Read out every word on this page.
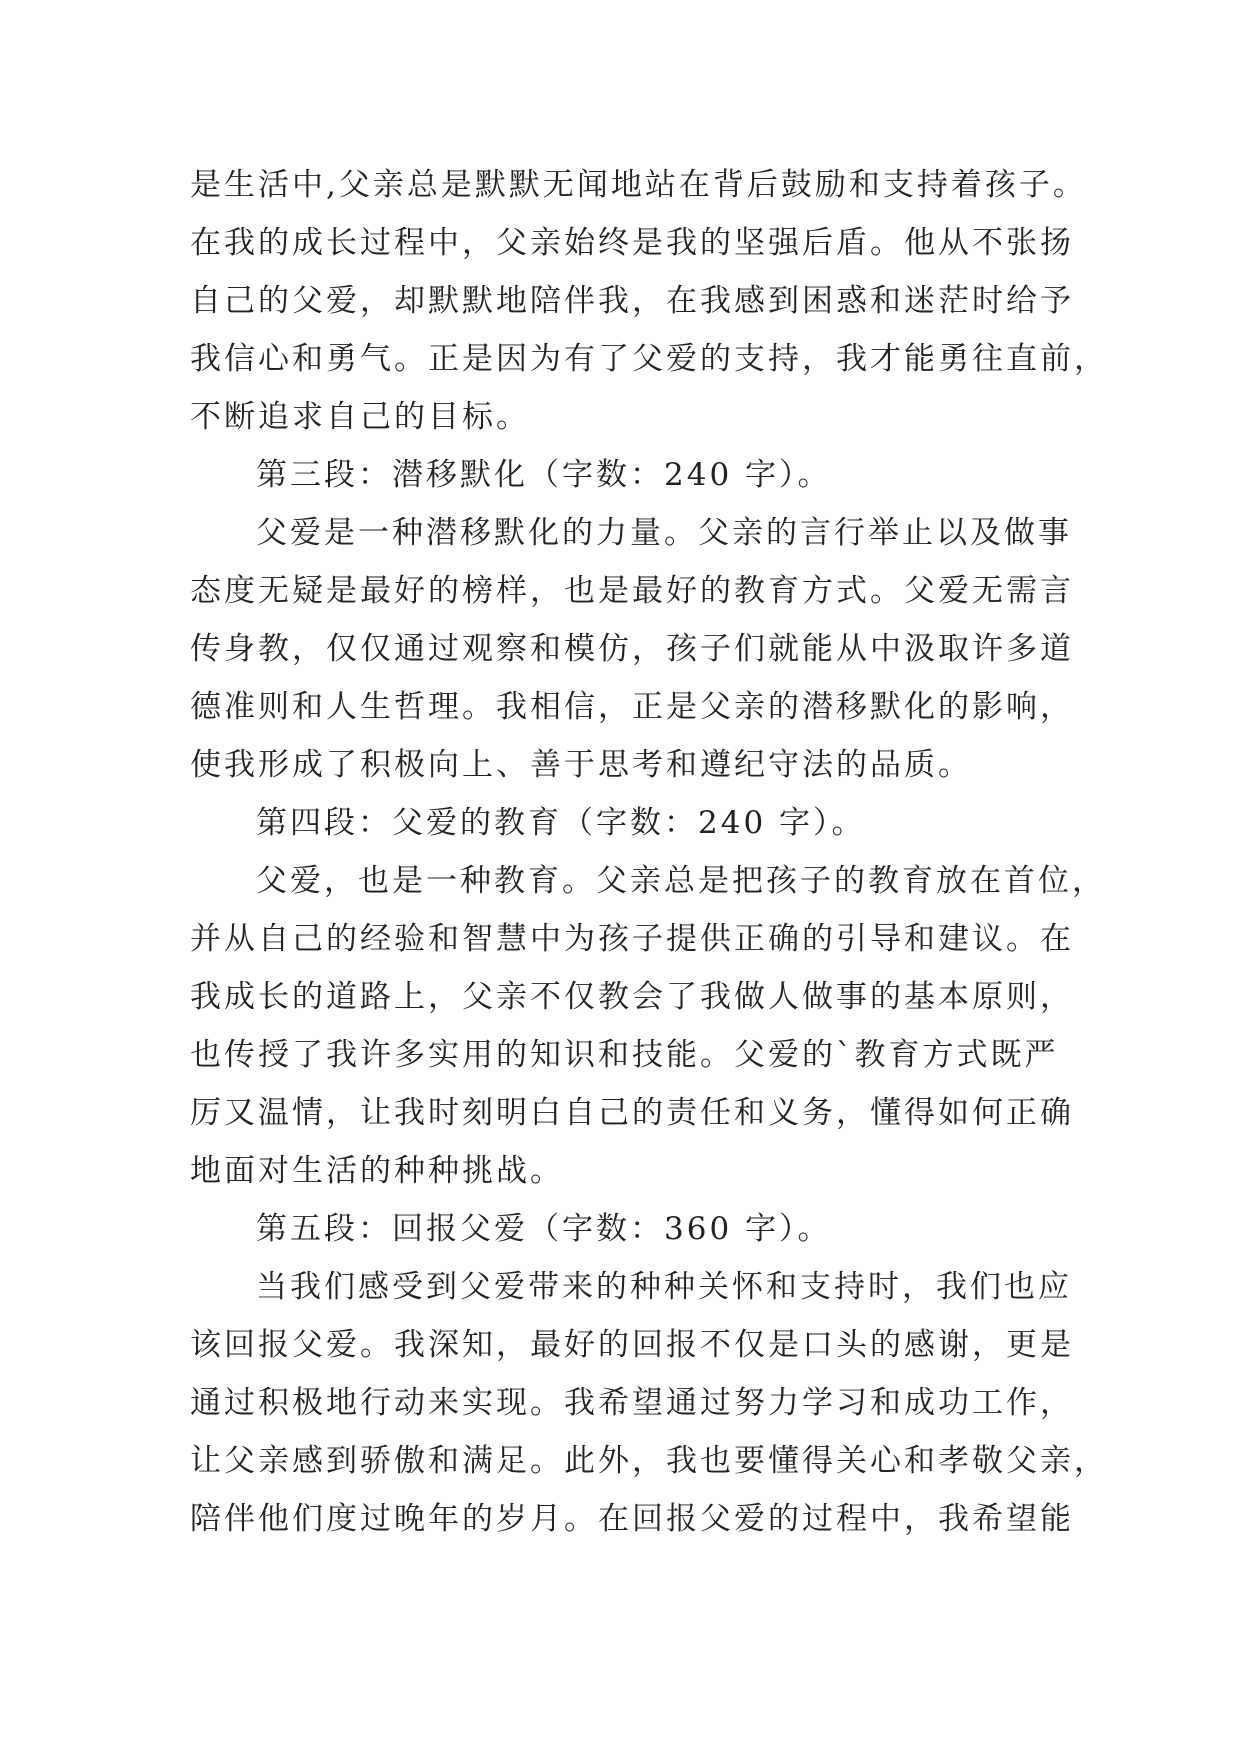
是生活中,父亲总是默默无闻地站在背后鼓励和支持着孩子。
在我的成长过程中，父亲始终是我的坚强后盾。他从不张扬
自己的父爱，却默默地陪伴我，在我感到困惑和迷茫时给予
我信心和勇气。正是因为有了父爱的支持，我才能勇往直前，
不断追求自己的目标。
第三段：潜移默化（字数：240 字）。
父爱是一种潜移默化的力量。父亲的言行举止以及做事
态度无疑是最好的榜样，也是最好的教育方式。父爱无需言
传身教，仅仅通过观察和模仿，孩子们就能从中汲取许多道
德准则和人生哲理。我相信，正是父亲的潜移默化的影响，
使我形成了积极向上、善于思考和遵纪守法的品质。
第四段：父爱的教育（字数：240 字）。
父爱，也是一种教育。父亲总是把孩子的教育放在首位，
并从自己的经验和智慧中为孩子提供正确的引导和建议。在
我成长的道路上，父亲不仅教会了我做人做事的基本原则，
也传授了我许多实用的知识和技能。父爱的`教育方式既严
厉又温情，让我时刻明白自己的责任和义务，懂得如何正确
地面对生活的种种挑战。
第五段：回报父爱（字数：360 字）。
当我们感受到父爱带来的种种关怀和支持时，我们也应
该回报父爱。我深知，最好的回报不仅是口头的感谢，更是
通过积极地行动来实现。我希望通过努力学习和成功工作，
让父亲感到骄傲和满足。此外，我也要懂得关心和孝敬父亲，
陪伴他们度过晚年的岁月。在回报父爱的过程中，我希望能
